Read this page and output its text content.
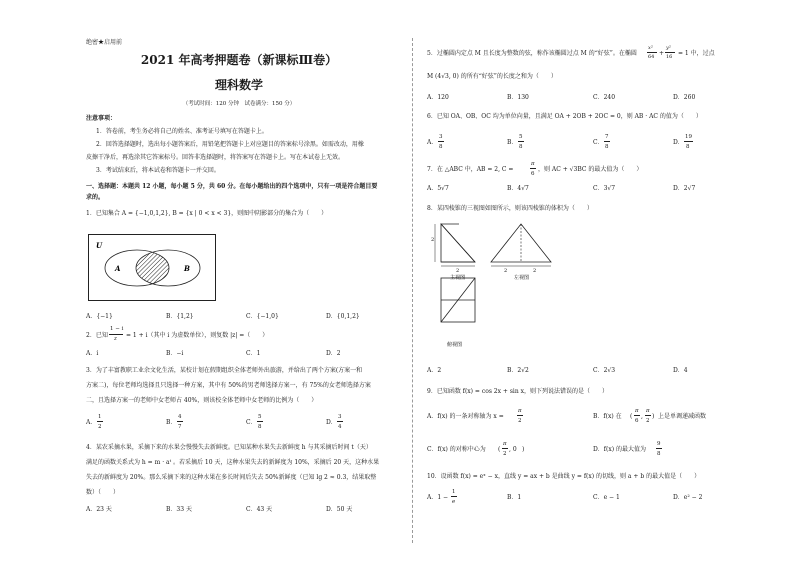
绝密★启用前
2021 年高考押题卷（新课标Ⅲ卷）
理科数学
（考试时间：120 分钟　试卷满分：150 分）
注意事项：
1．答卷前，考生务必将自己的姓名、准考证号填写在答题卡上。
2．回答选择题时，选出每小题答案后，用铅笔把答题卡上对应题目的答案标号涂黑。如需改动，用橡
皮擦干净后，再选涂其它答案标号。回答非选择题时，将答案写在答题卡上。写在本试卷上无效。
3．考试结束后，将本试卷和答题卡一并交回。
一、选择题：本题共 12 小题，每小题 5 分，共 60 分。在每小题给出的四个选项中，只有一项是符合题目要
求的。
1．已知集合 A = {−1,0,1,2}, B = {x | 0 < x < 3}，则图中阴影部分的集合为（　　）
U
A	B
A．{−1}	B．{1,2}	C．{−1,0}	D．{0,1,2}
2．已知
1 − i
z = 1 + i（其中 i 为虚数单位），则复数 |z| =（　　）
A．i	B．−i	C．1	D．2
3．为了丰富教职工业余文化生活，某校计划在假期组织全体老师外出旅游，并给出了两个方案(方案一和
方案二)，每位老师均选择且只选择一种方案，其中有 50%的男老师选择方案一，有 75%的女老师选择方案
二，且选择方案一的老师中女老师占 40%，则该校全体老师中女老师的比例为（　　）
A．
1
2
B．
4
7
C．
5
8
D．
3
4
4．某农采摘水果，采摘下来的水果会慢慢失去新鲜度。已知某种水果失去新鲜度 h 与其采摘后时间 t（天）
满足的函数关系式为 h = m · aᵗ 。若采摘后 10 天，这种水果失去的新鲜度为 10%，采摘后 20 天，这种水果
失去的新鲜度为 20%。那么采摘下来的这种水果在多长时间后失去 50%新鲜度（已知 lg 2 ≈ 0.3，结果取整
数）（　　）
A．23 天	B．33 天	C．43 天	D．50 天
5．过椭圆内定点 M 且长度为整数的弦，称作该椭圆过点 M 的“好弦”。在椭圆
x²
64 +
y²
16 = 1 中，过点
M (4√3, 0) 的所有“好弦”的长度之和为（　　）
A．120	B．130	C．240	D．260
6．已知 OA、OB、OC 均为单位向量，且满足 OA + 2OB + 2OC = 0，则 AB · AC 的值为（　　）
A．
3
8
B．
5
8
C．
7
8
D．
19
8
7．在 △ABC 中，AB = 2, C =
π
6
，则 AC + √3BC 的最大值为（　　）
A．5√7	B．4√7	C．3√7	D．2√7
8．某四棱锥的三视图如图所示，则该四棱锥的体积为（　　）
2
2
主视图
2	2
左视图
俯视图
A．2	B．2√2	C．2√3	D．4
9．已知函数 f(x) = cos 2x + sin x，则下列说法错误的是（　　）
A．f(x) 的一条对称轴为 x =
π
2
B．f(x) 在 (
π
6
,
π
2
) 上是单调递减函数
C．f(x) 的对称中心为 (
π
2
, 0 )	D．f(x) 的最大值为
9
8
10．设函数 f(x) = eˣ − x，直线 y = ax + b 是曲线 y = f(x) 的切线，则 a + b 的最大值是（　　）
A．1 −
1
e
B．1	C．e − 1	D．e² − 2
